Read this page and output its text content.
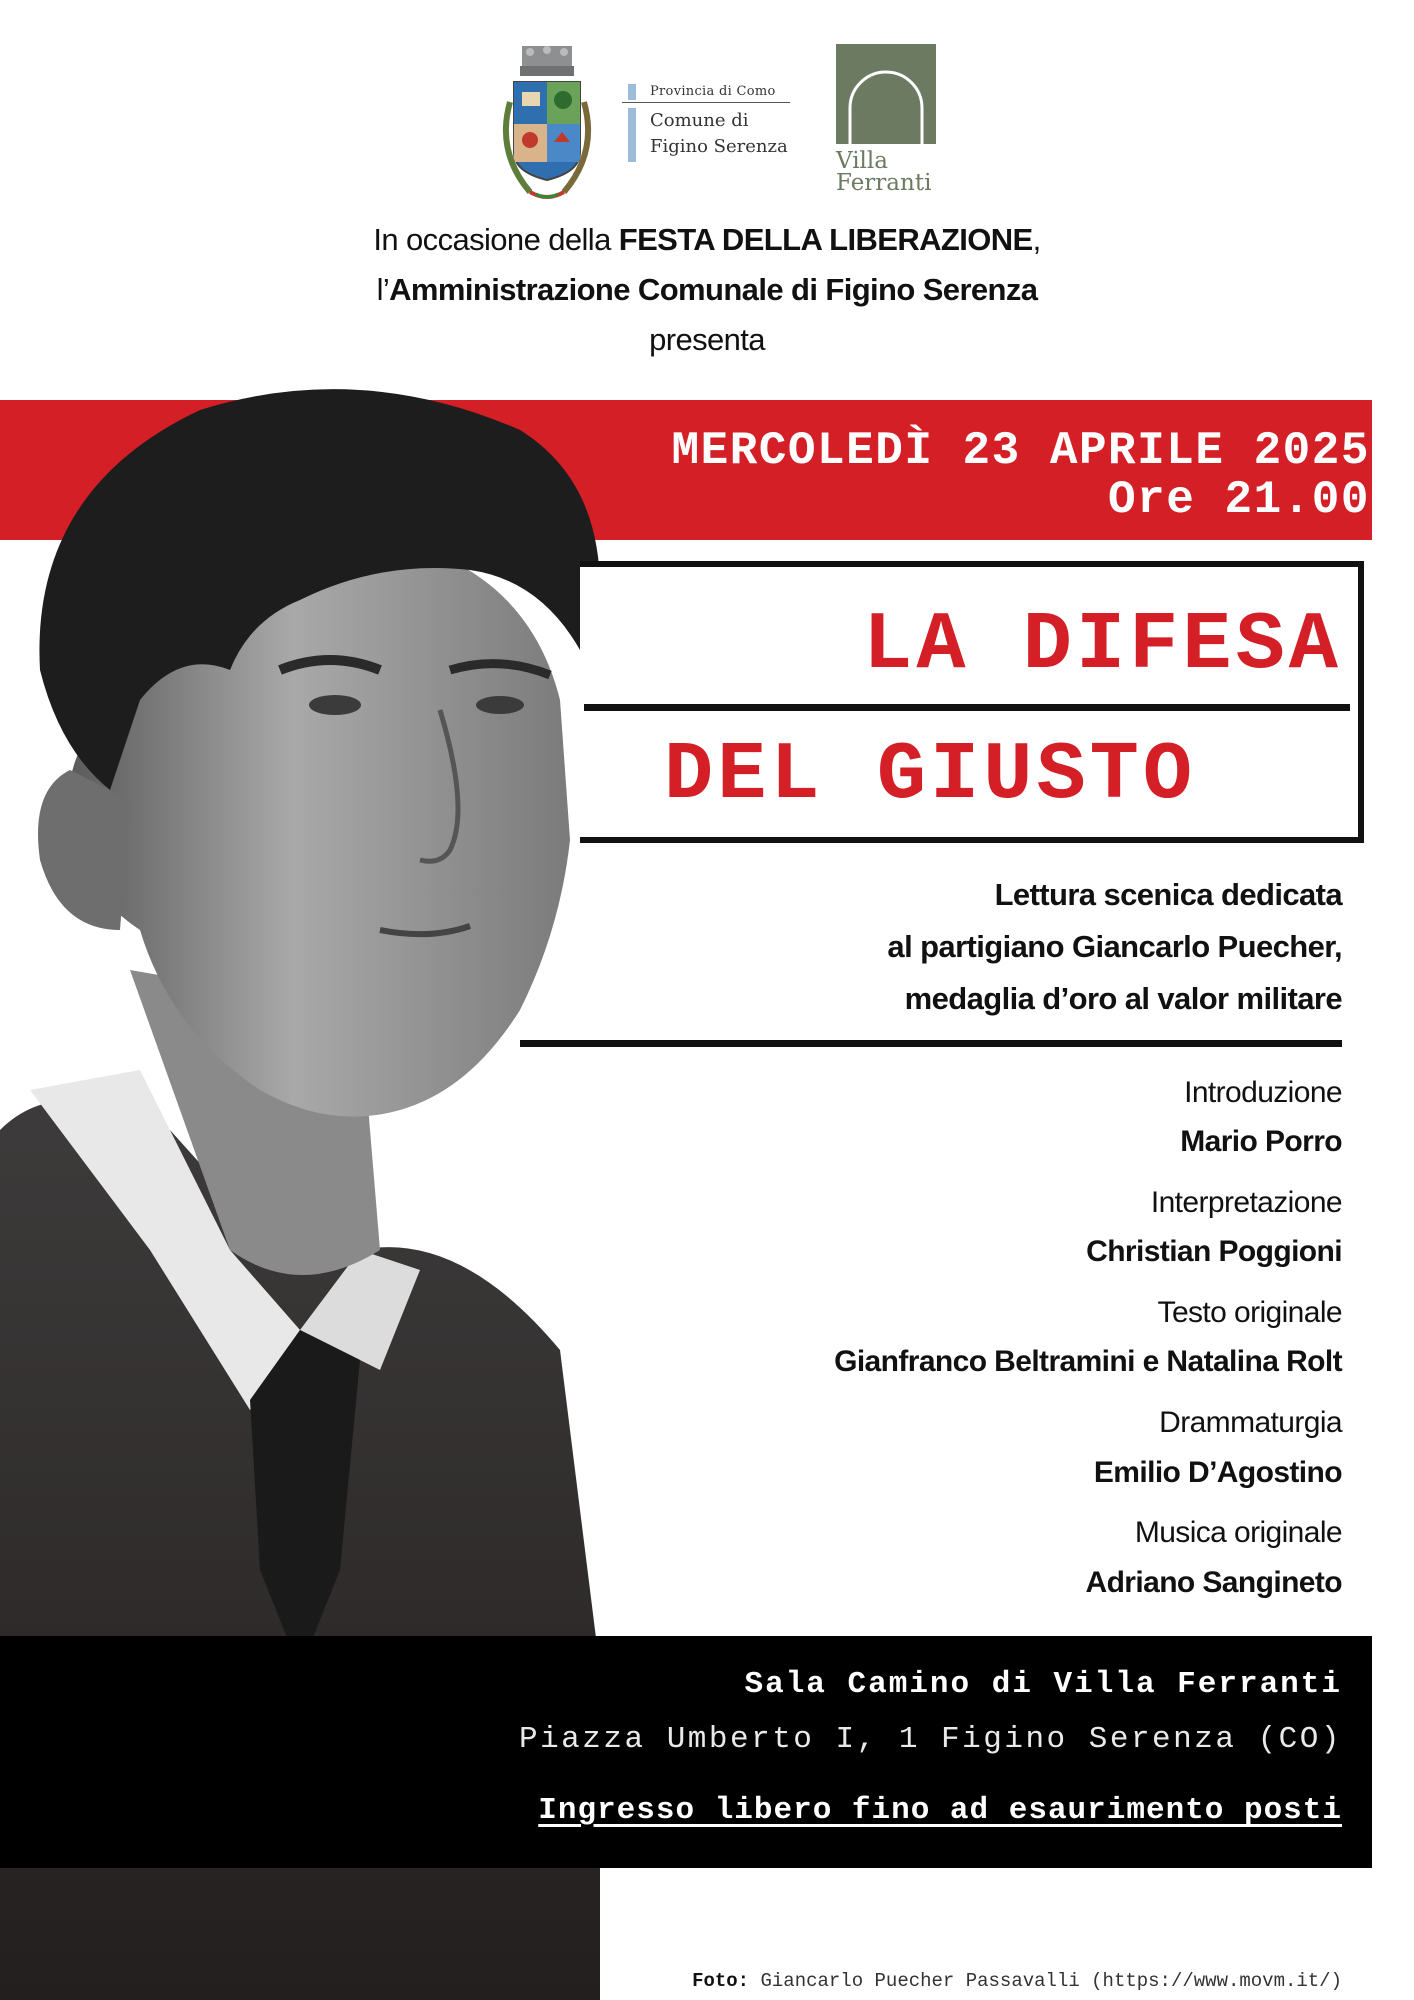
Provincia di Como
Comune di
Figino Serenza
Villa
Ferranti
In occasione della FESTA DELLA LIBERAZIONE,
l’Amministrazione Comunale di Figino Serenza
presenta
MERCOLEDÌ 23 APRILE 2025
Ore 21.00
LA DIFESA
DEL GIUSTO
Lettura scenica dedicata
al partigiano Giancarlo Puecher,
medaglia d’oro al valor militare
Introduzione
Mario Porro
Interpretazione
Christian Poggioni
Testo originale
Gianfranco Beltramini e Natalina Rolt
Drammaturgia
Emilio D’Agostino
Musica originale
Adriano Sangineto
Sala Camino di Villa Ferranti
Piazza Umberto I, 1 Figino Serenza (CO)
Ingresso libero fino ad esaurimento posti
Foto: Giancarlo Puecher Passavalli (https://www.movm.it/)
